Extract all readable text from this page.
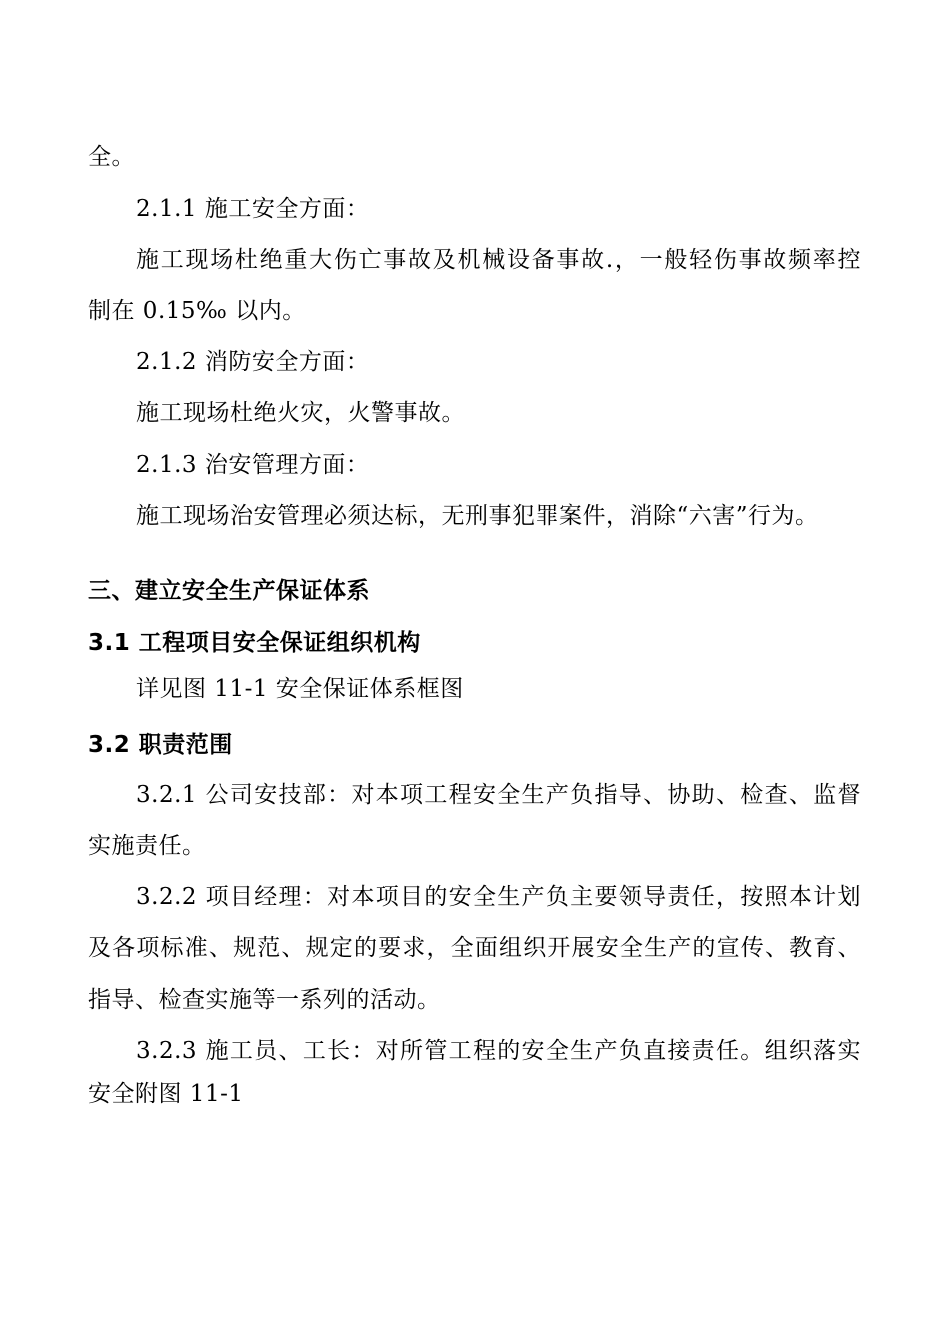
全。
2.1.1 施工安全方面：
施工现场杜绝重大伤亡事故及机械设备事故.，一般轻伤事故频率控
制在 0.15‰ 以内。
2.1.2 消防安全方面：
施工现场杜绝火灾，火警事故。
2.1.3 治安管理方面：
施工现场治安管理必须达标，无刑事犯罪案件，消除“六害”行为。
三、建立安全生产保证体系
3.1 工程项目安全保证组织机构
详见图 11-1 安全保证体系框图
3.2 职责范围
3.2.1 公司安技部：对本项工程安全生产负指导、协助、检查、监督
实施责任。
3.2.2 项目经理：对本项目的安全生产负主要领导责任，按照本计划
及各项标准、规范、规定的要求，全面组织开展安全生产的宣传、教育、
指导、检查实施等一系列的活动。
3.2.3 施工员、工长：对所管工程的安全生产负直接责任。组织落实
安全附图 11-1
